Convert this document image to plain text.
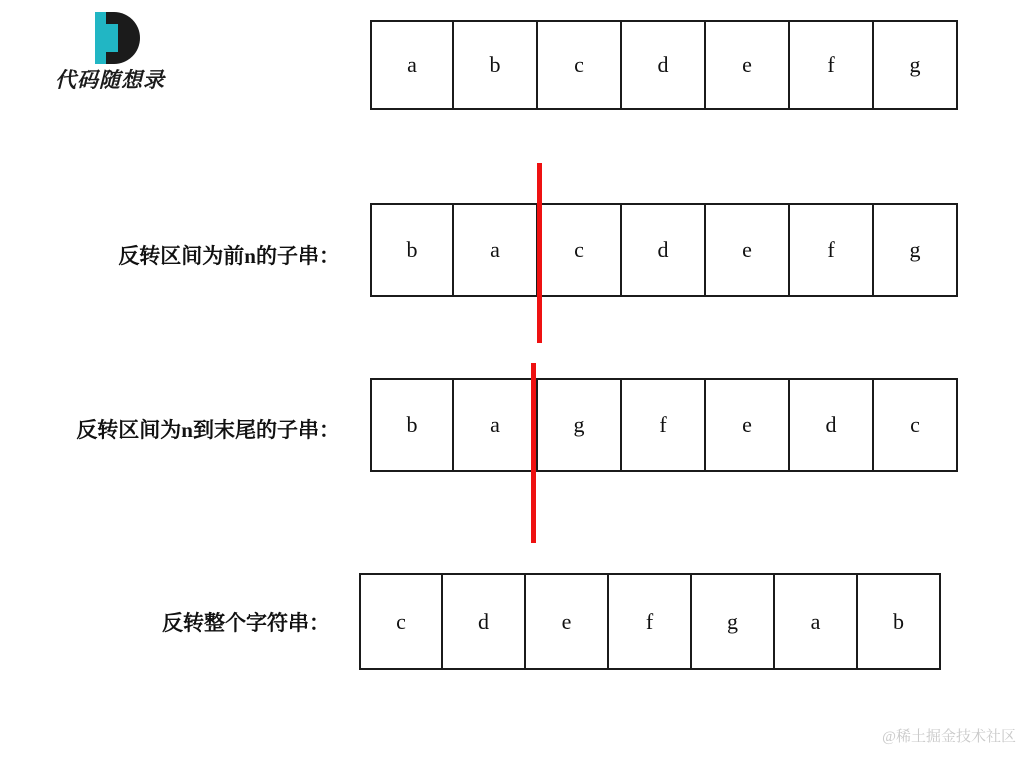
代码随想录
a	b	c	d	e	f	g
反转区间为前n的子串：	b	a	c	d	e	f	g
反转区间为n到末尾的子串：	b	a	g	f	e	d	c
反转整个字符串：	c	d	e	f	g	a	b
@稀土掘金技术社区
